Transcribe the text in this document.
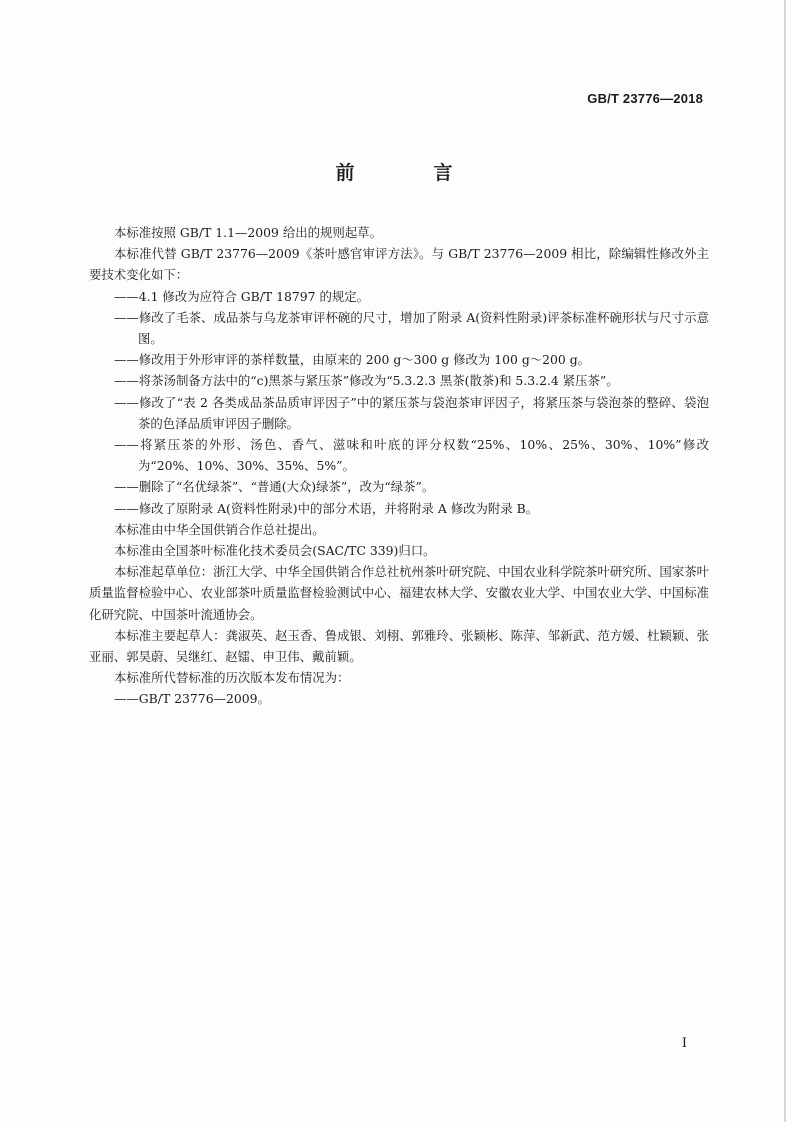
GB/T 23776—2018
前　言

本标准按照 GB/T 1.1—2009 给出的规则起草。

本标准代替 GB/T 23776—2009《茶叶感官审评方法》。与 GB/T 23776—2009 相比，除编辑性修改外主要技术变化如下：

——4.1 修改为应符合 GB/T 18797 的规定。

——修改了毛茶、成品茶与乌龙茶审评杯碗的尺寸，增加了附录 A(资料性附录)评茶标准杯碗形状与尺寸示意图。

——修改用于外形审评的茶样数量，由原来的 200 g～300 g 修改为 100 g～200 g。

——将茶汤制备方法中的“c)黑茶与紧压茶”修改为“5.3.2.3 黑茶(散茶)和 5.3.2.4 紧压茶”。

——修改了“表 2 各类成品茶品质审评因子”中的紧压茶与袋泡茶审评因子，将紧压茶与袋泡茶的整碎、袋泡茶的色泽品质审评因子删除。

——将紧压茶的外形、汤色、香气、滋味和叶底的评分权数“25%、10%、25%、30%、10%”修改为“20%、10%、30%、35%、5%”。

——删除了“名优绿茶”、“普通(大众)绿茶”，改为“绿茶”。

——修改了原附录 A(资料性附录)中的部分术语，并将附录 A 修改为附录 B。

本标准由中华全国供销合作总社提出。

本标准由全国茶叶标准化技术委员会(SAC/TC 339)归口。

本标准起草单位：浙江大学、中华全国供销合作总社杭州茶叶研究院、中国农业科学院茶叶研究所、国家茶叶质量监督检验中心、农业部茶叶质量监督检验测试中心、福建农林大学、安徽农业大学、中国农业大学、中国标准化研究院、中国茶叶流通协会。

本标准主要起草人：龚淑英、赵玉香、鲁成银、刘栩、郭雅玲、张颖彬、陈萍、邹新武、范方媛、杜颖颖、张亚丽、郭昊蔚、吴继红、赵镭、申卫伟、戴前颖。

本标准所代替标准的历次版本发布情况为：

——GB/T 23776—2009。

I
